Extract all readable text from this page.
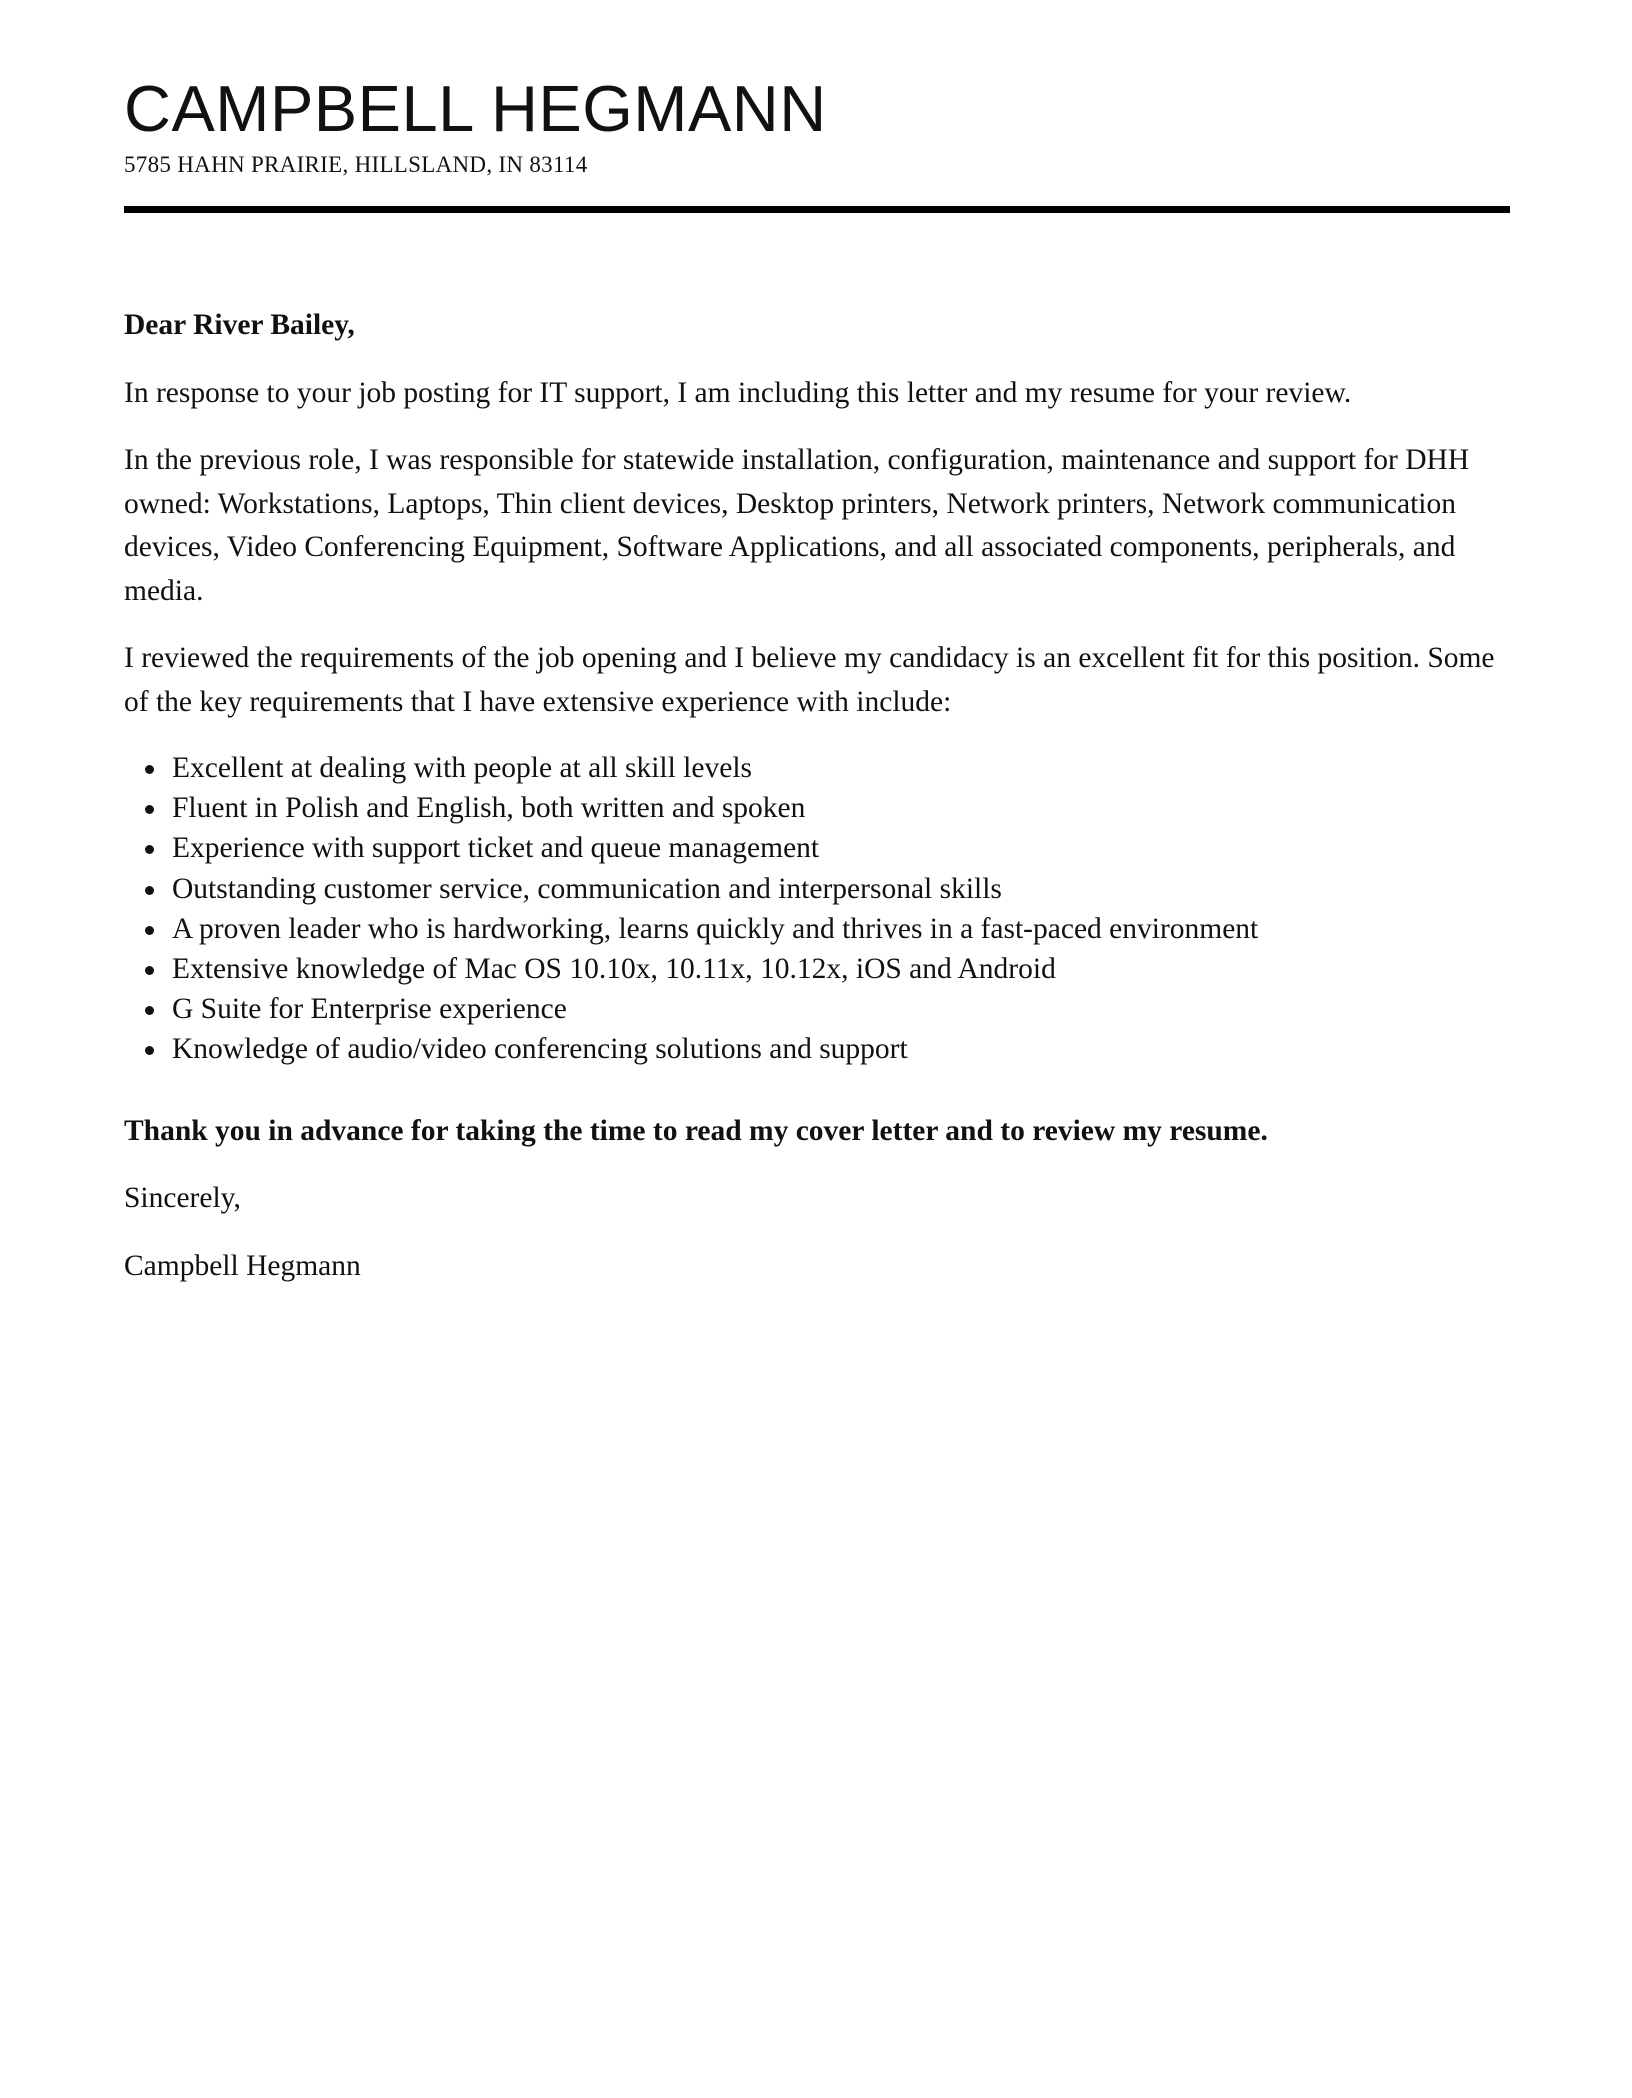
CAMPBELL HEGMANN
5785 HAHN PRAIRIE, HILLSLAND, IN 83114

Dear River Bailey,

In response to your job posting for IT support, I am including this letter and my resume for your review.

In the previous role, I was responsible for statewide installation, configuration, maintenance and support for DHH owned: Workstations, Laptops, Thin client devices, Desktop printers, Network printers, Network communication devices, Video Conferencing Equipment, Software Applications, and all associated components, peripherals, and media.

I reviewed the requirements of the job opening and I believe my candidacy is an excellent fit for this position. Some of the key requirements that I have extensive experience with include:

Excellent at dealing with people at all skill levels
Fluent in Polish and English, both written and spoken
Experience with support ticket and queue management
Outstanding customer service, communication and interpersonal skills
A proven leader who is hardworking, learns quickly and thrives in a fast-paced environment
Extensive knowledge of Mac OS 10.10x, 10.11x, 10.12x, iOS and Android
G Suite for Enterprise experience
Knowledge of audio/video conferencing solutions and support

Thank you in advance for taking the time to read my cover letter and to review my resume.

Sincerely,

Campbell Hegmann
